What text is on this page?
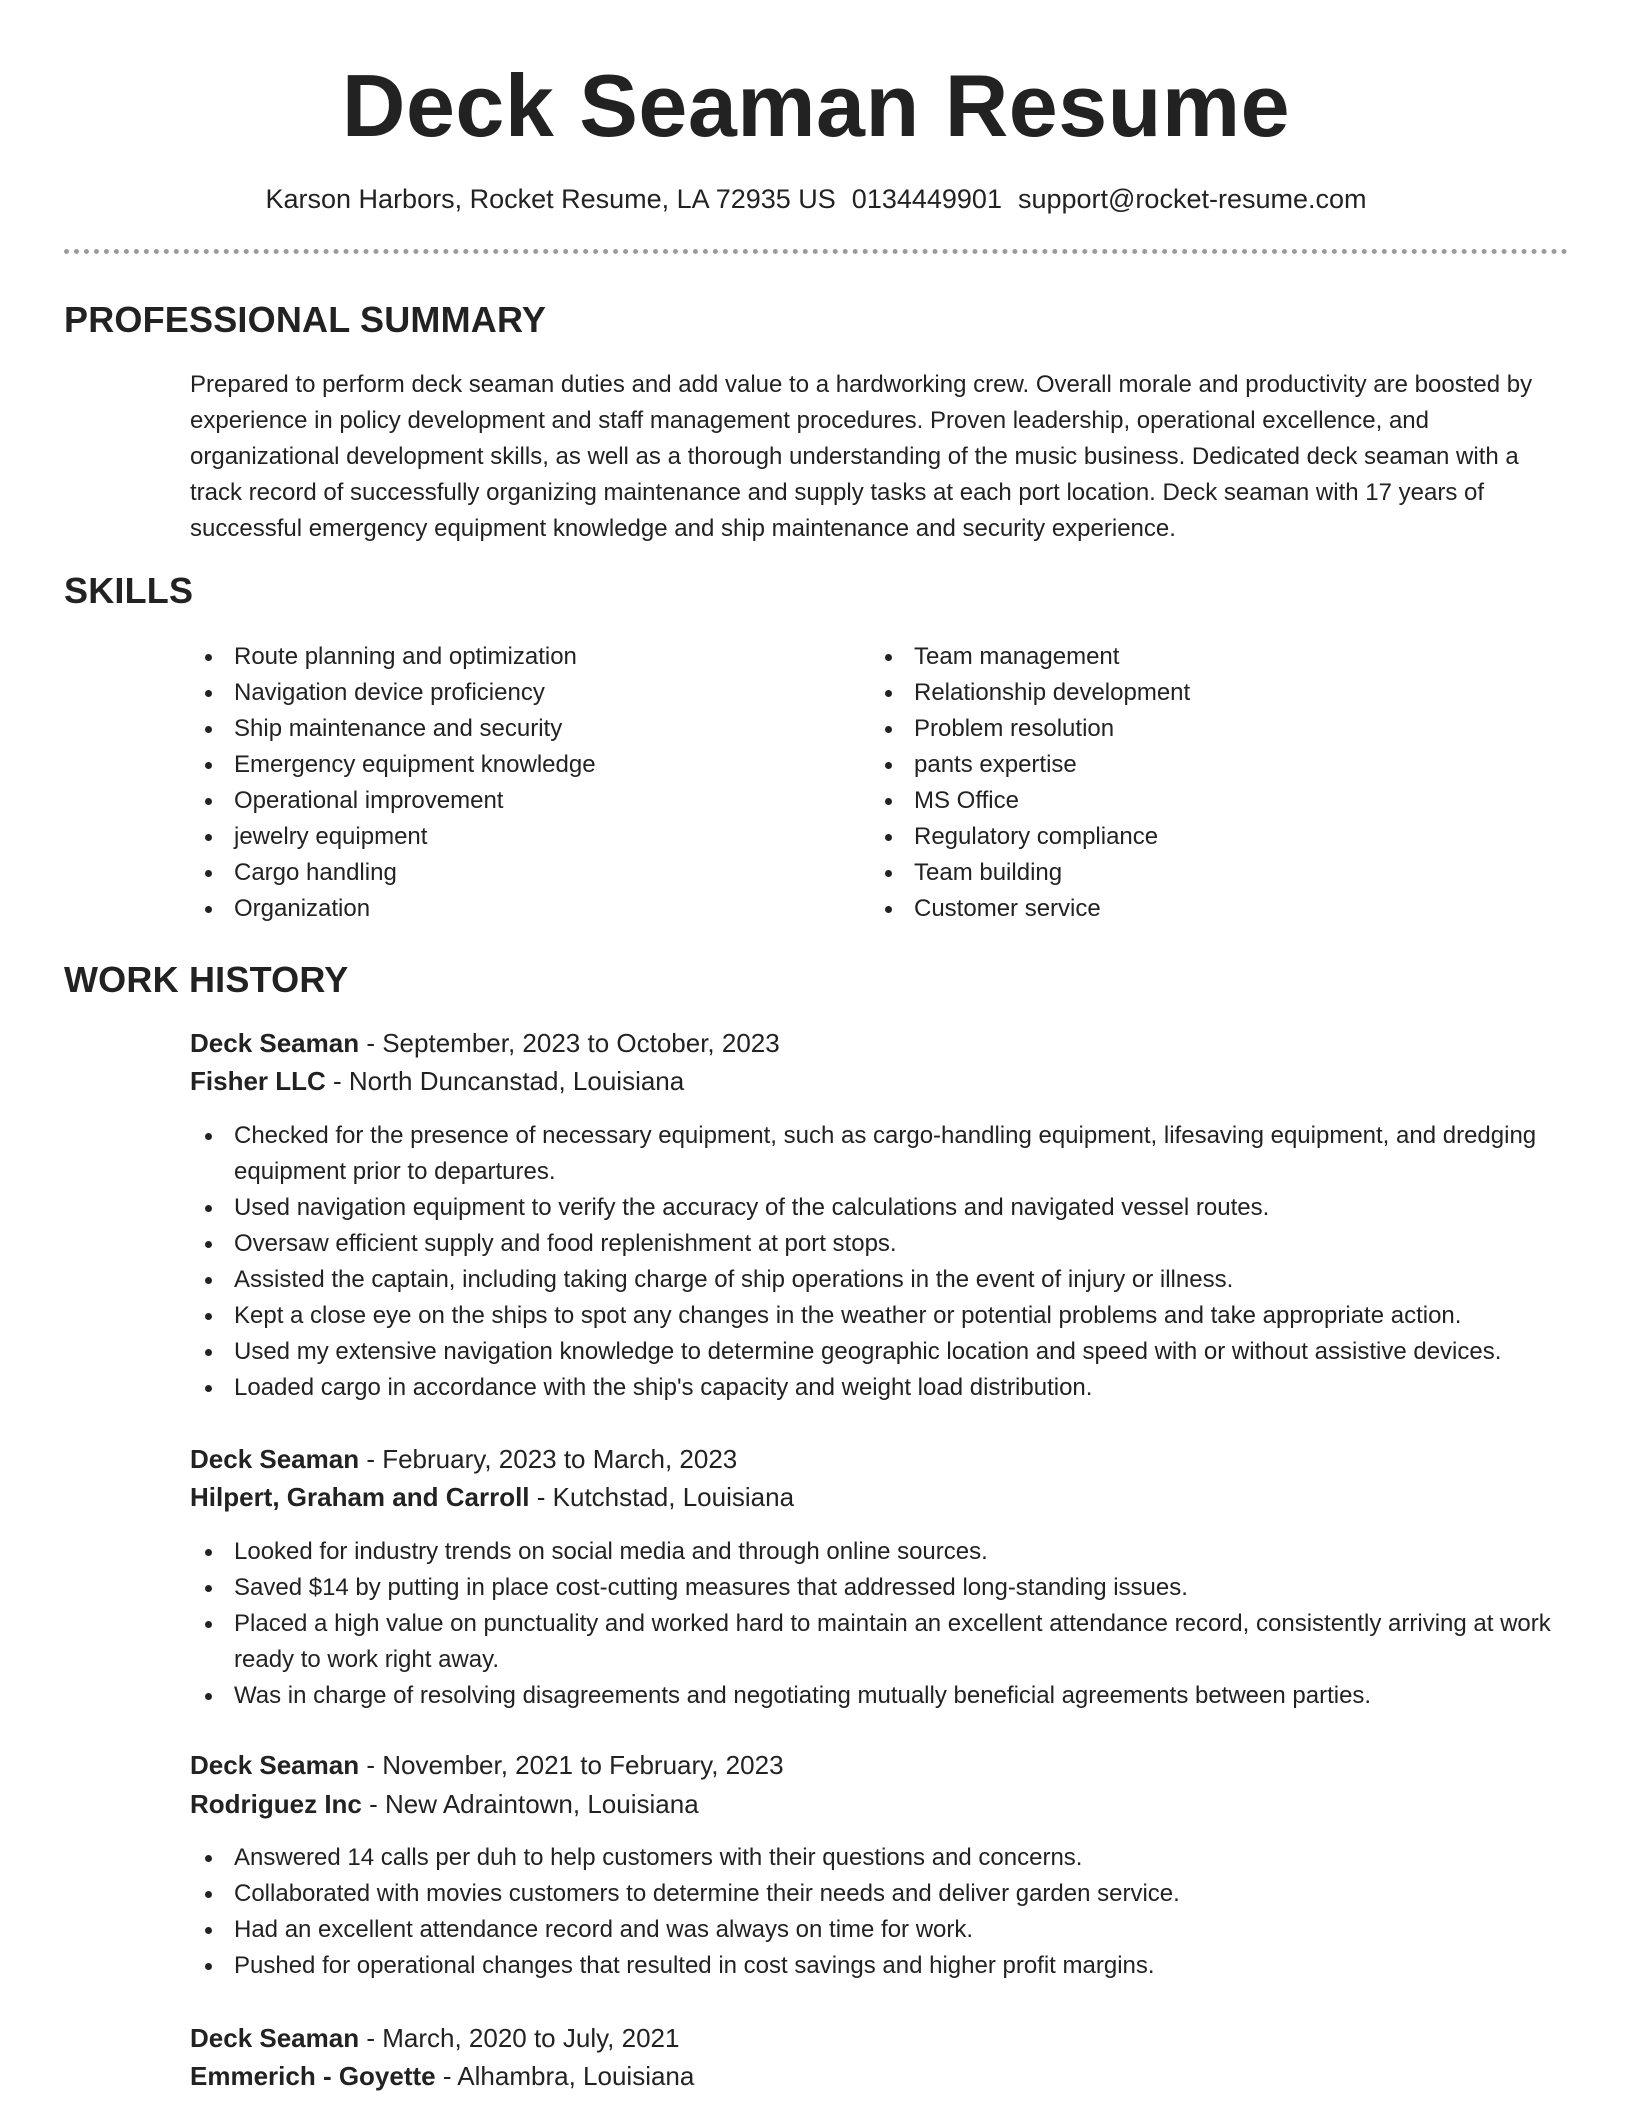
Deck Seaman Resume
Karson Harbors, Rocket Resume, LA 72935 US 0134449901 support@rocket-resume.com
PROFESSIONAL SUMMARY

Prepared to perform deck seaman duties and add value to a hardworking crew. Overall morale and productivity are boosted by experience in policy development and staff management procedures. Proven leadership, operational excellence, and organizational development skills, as well as a thorough understanding of the music business. Dedicated deck seaman with a track record of successfully organizing maintenance and supply tasks at each port location. Deck seaman with 17 years of successful emergency equipment knowledge and ship maintenance and security experience.

SKILLS
Route planning and optimization
Navigation device proficiency
Ship maintenance and security
Emergency equipment knowledge
Operational improvement
jewelry equipment
Cargo handling
Organization
Team management
Relationship development
Problem resolution
pants expertise
MS Office
Regulatory compliance
Team building
Customer service
WORK HISTORY
Deck Seaman - September, 2023 to October, 2023
Fisher LLC - North Duncanstad, Louisiana
Checked for the presence of necessary equipment, such as cargo-handling equipment, lifesaving equipment, and dredging equipment prior to departures.
Used navigation equipment to verify the accuracy of the calculations and navigated vessel routes.
Oversaw efficient supply and food replenishment at port stops.
Assisted the captain, including taking charge of ship operations in the event of injury or illness.
Kept a close eye on the ships to spot any changes in the weather or potential problems and take appropriate action.
Used my extensive navigation knowledge to determine geographic location and speed with or without assistive devices.
Loaded cargo in accordance with the ship's capacity and weight load distribution.
Deck Seaman - February, 2023 to March, 2023
Hilpert, Graham and Carroll - Kutchstad, Louisiana
Looked for industry trends on social media and through online sources.
Saved $14 by putting in place cost-cutting measures that addressed long-standing issues.
Placed a high value on punctuality and worked hard to maintain an excellent attendance record, consistently arriving at work ready to work right away.
Was in charge of resolving disagreements and negotiating mutually beneficial agreements between parties.
Deck Seaman - November, 2021 to February, 2023
Rodriguez Inc - New Adraintown, Louisiana
Answered 14 calls per duh to help customers with their questions and concerns.
Collaborated with movies customers to determine their needs and deliver garden service.
Had an excellent attendance record and was always on time for work.
Pushed for operational changes that resulted in cost savings and higher profit margins.
Deck Seaman - March, 2020 to July, 2021
Emmerich - Goyette - Alhambra, Louisiana
